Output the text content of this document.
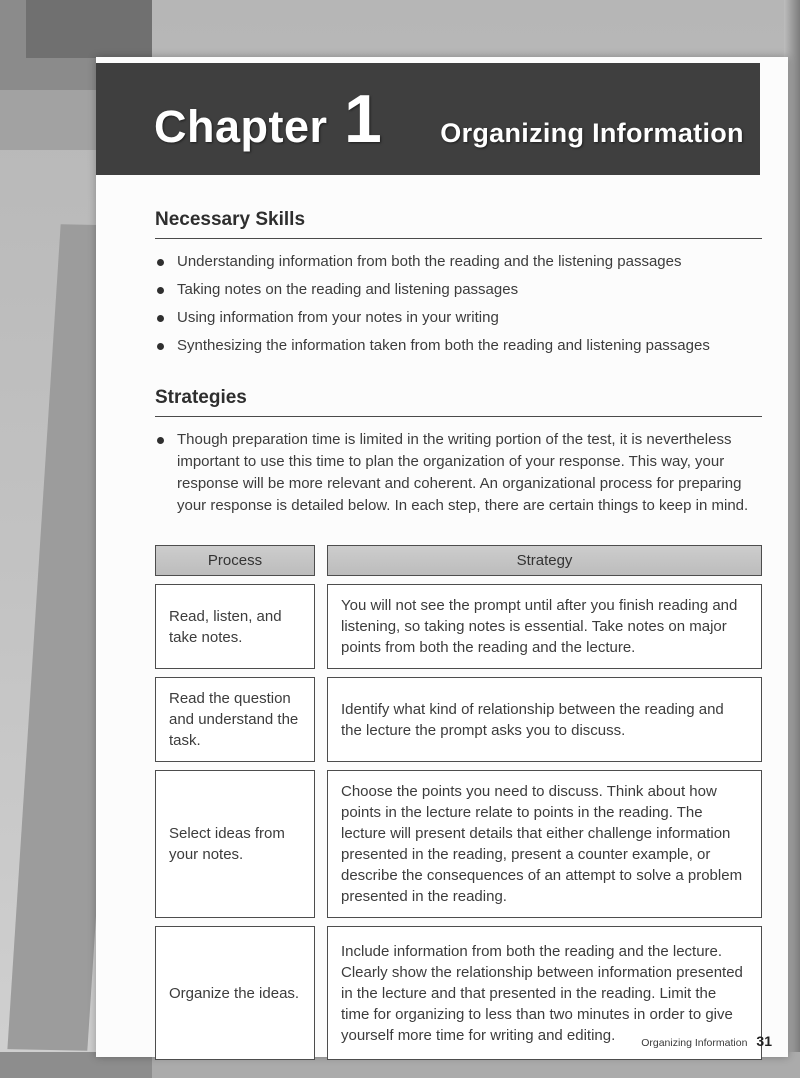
Chapter 1 Organizing Information
Necessary Skills
Understanding information from both the reading and the listening passages
Taking notes on the reading and listening passages
Using information from your notes in your writing
Synthesizing the information taken from both the reading and listening passages
Strategies
Though preparation time is limited in the writing portion of the test, it is nevertheless important to use this time to plan the organization of your response. This way, your response will be more relevant and coherent. An organizational process for preparing your response is detailed below. In each step, there are certain things to keep in mind.
Process	Strategy
Read, listen, and take notes.
You will not see the prompt until after you finish reading and listening, so taking notes is essential. Take notes on major points from both the reading and the lecture.
Read the question and understand the task.
Identify what kind of relationship between the reading and the lecture the prompt asks you to discuss.
Select ideas from your notes.
Choose the points you need to discuss. Think about how points in the lecture relate to points in the reading. The lecture will present details that either challenge information presented in the reading, present a counter example, or describe the consequences of an attempt to solve a problem presented in the reading.
Organize the ideas.
Include information from both the reading and the lecture. Clearly show the relationship between information presented in the lecture and that presented in the reading. Limit the time for organizing to less than two minutes in order to give yourself more time for writing and editing.	Organizing Information 31
